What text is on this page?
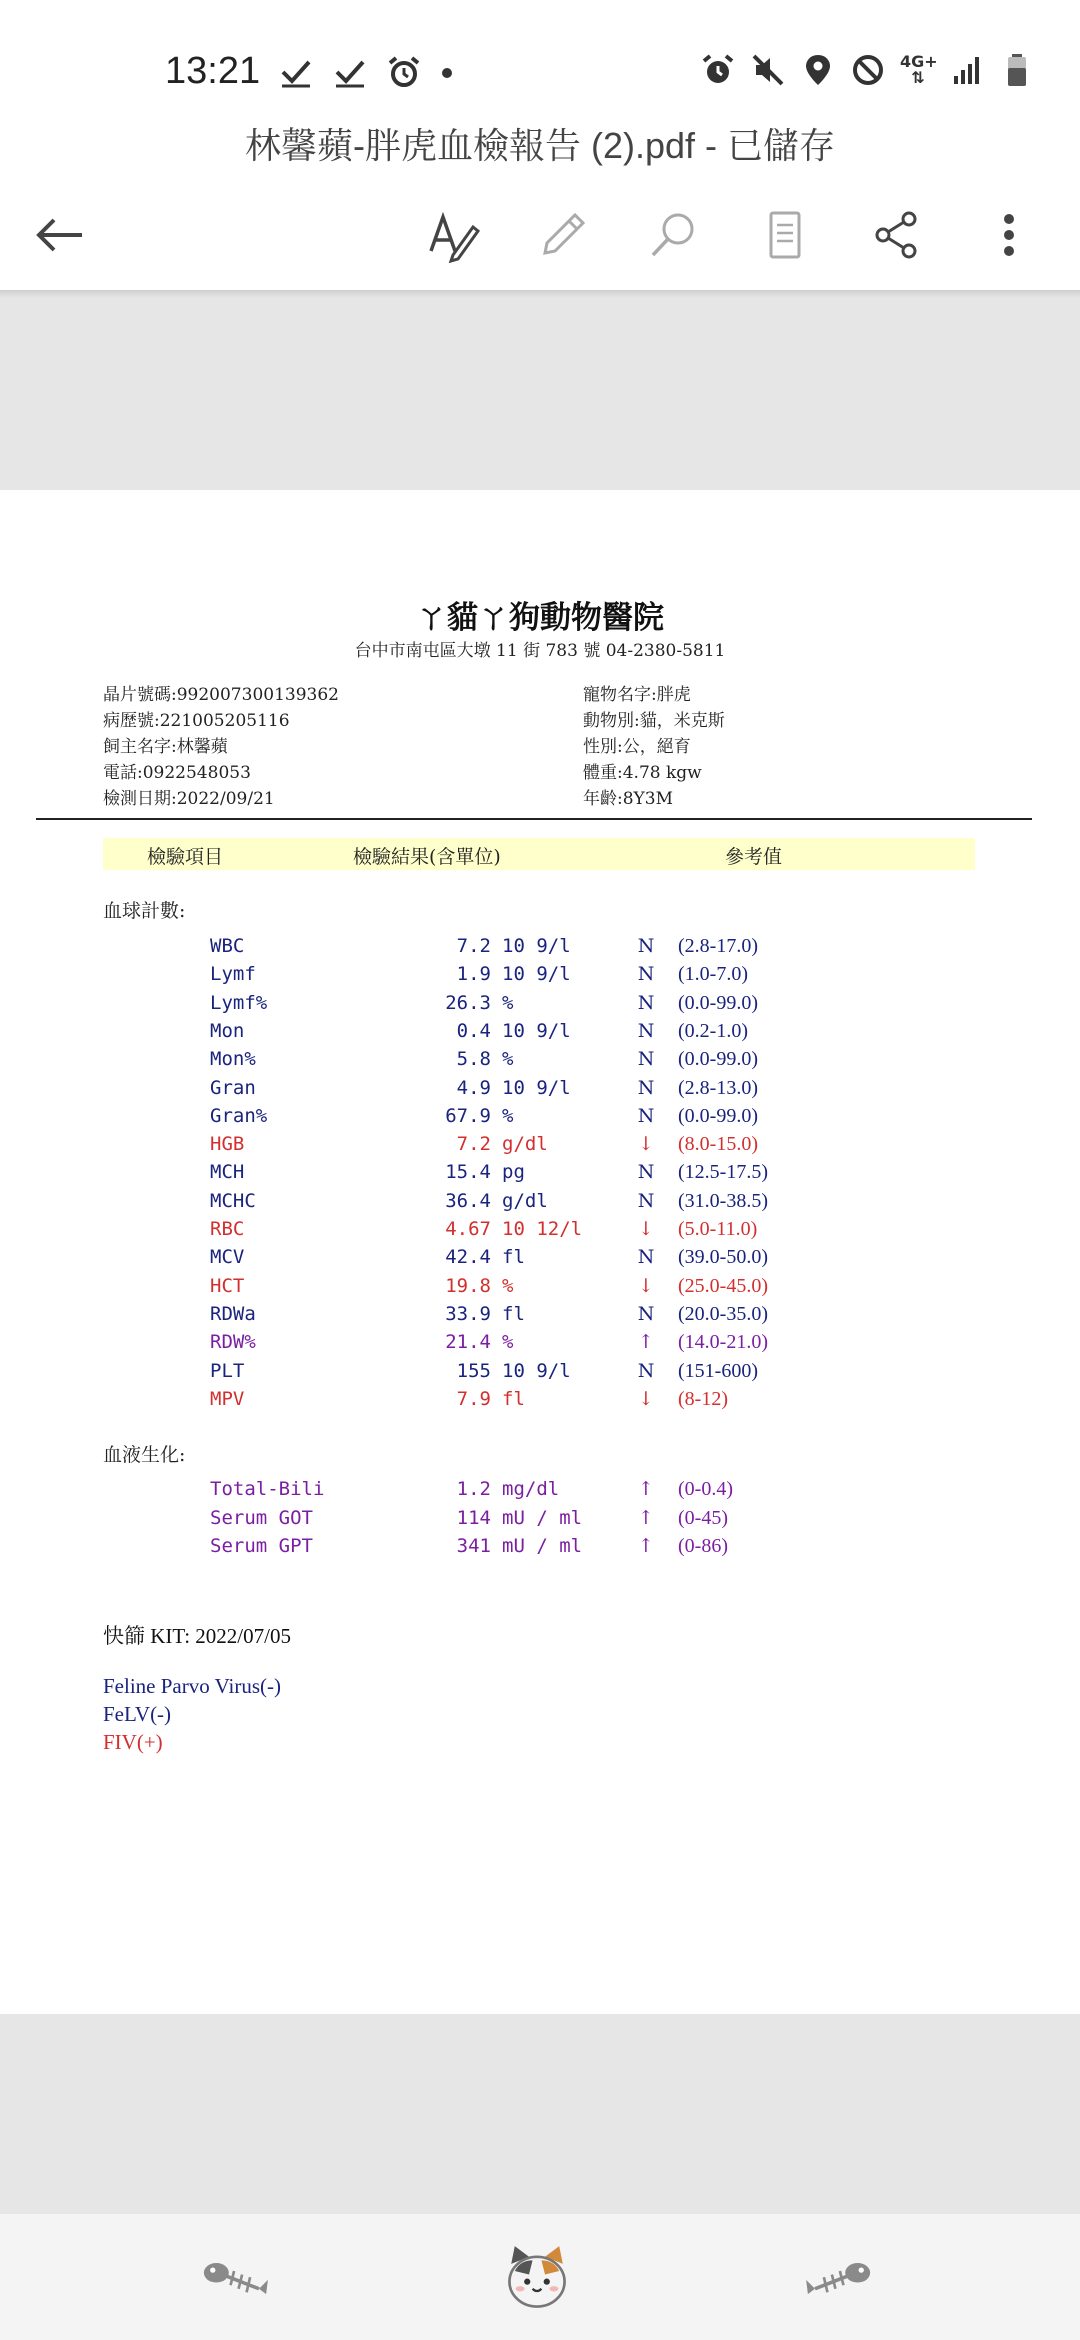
13:21	4G+
⇅
林馨蘋-胖虎血檢報告 (2).pdf - 已儲存
ㄚ貓ㄚ狗動物醫院
台中市南屯區大墩 11 街 783 號 04-2380-5811
晶片號碼:992007300139362
病歷號:221005205116
飼主名字:林馨蘋
電話:0922548053
檢測日期:2022/09/21
寵物名字:胖虎
動物別:貓，米克斯
性別:公，絕育
體重:4.78 kgw
年齡:8Y3M
檢驗項目	檢驗結果(含單位)	參考值
血球計數:
WBC	7.2 10 9/l	N (2.8-17.0)
Lymf	1.9 10 9/l	N (1.0-7.0)
Lymf%	26.3 %	N (0.0-99.0)
Mon	0.4 10 9/l	N (0.2-1.0)
Mon%	5.8 %	N (0.0-99.0)
Gran	4.9 10 9/l	N (2.8-13.0)
Gran%	67.9 %	N (0.0-99.0)
HGB	7.2 g/dl	↓ (8.0-15.0)
MCH	15.4 pg	N (12.5-17.5)
MCHC	36.4 g/dl	N (31.0-38.5)
RBC	4.67 10 12/l	↓ (5.0-11.0)
MCV	42.4 fl	N (39.0-50.0)
HCT	19.8 %	↓ (25.0-45.0)
RDWa	33.9 fl	N (20.0-35.0)
RDW%	21.4 %	↑ (14.0-21.0)
PLT	155 10 9/l	N (151-600)
MPV	7.9 fl	↓ (8-12)
血液生化:
Total-Bili	1.2 mg/dl	↑ (0-0.4)
Serum GOT	114 mU / ml	↑ (0-45)
Serum GPT	341 mU / ml	↑ (0-86)
快篩 KIT: 2022/07/05
Feline Parvo Virus(-)
FeLV(-)
FIV(+)
